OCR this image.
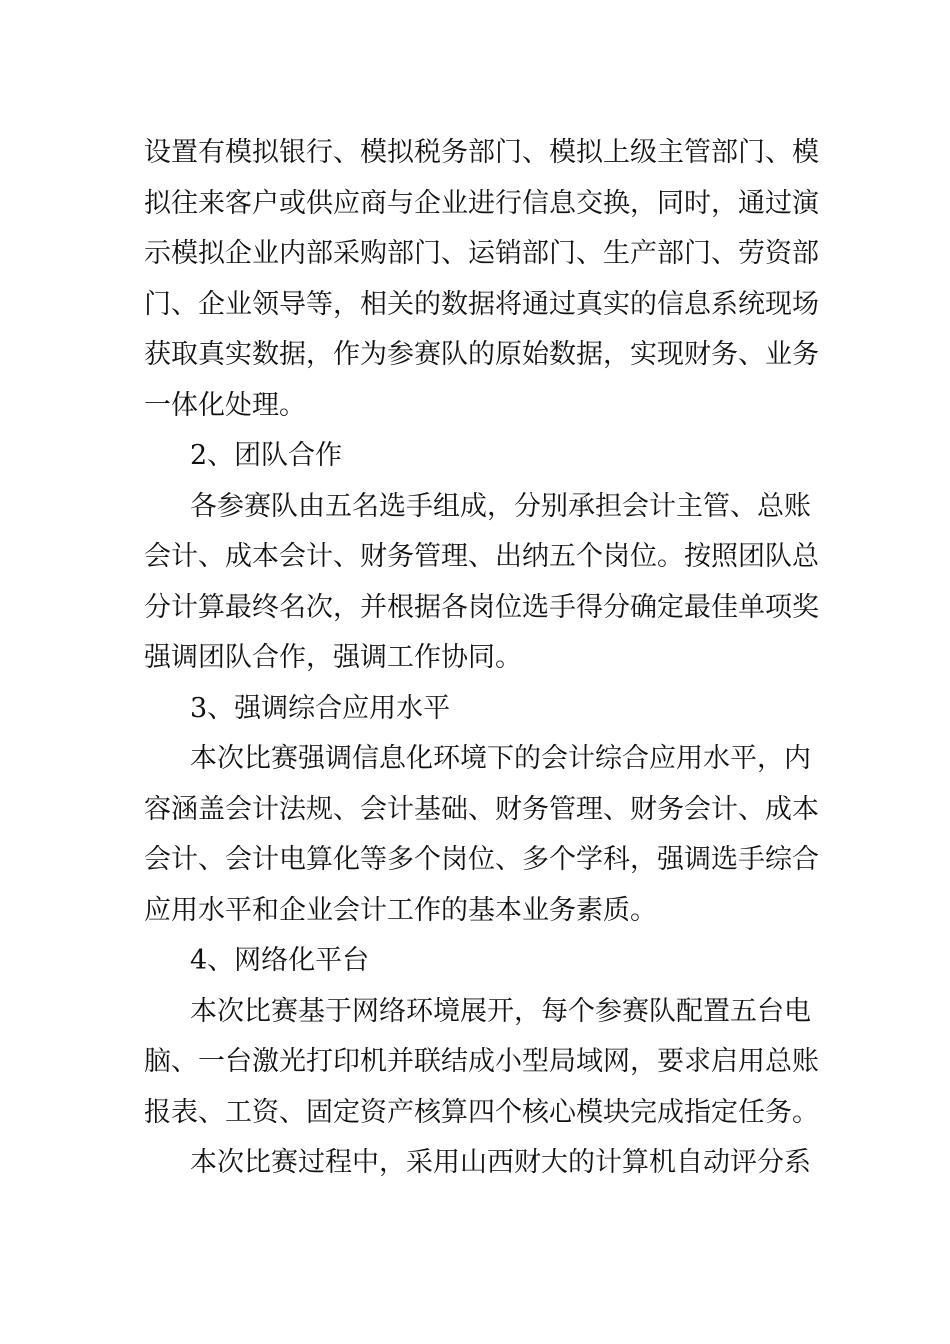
设置有模拟银行、模拟税务部门、模拟上级主管部门、模
拟往来客户或供应商与企业进行信息交换，同时，通过演
示模拟企业内部采购部门、运销部门、生产部门、劳资部
门、企业领导等，相关的数据将通过真实的信息系统现场
获取真实数据，作为参赛队的原始数据，实现财务、业务
一体化处理。
2、团队合作
各参赛队由五名选手组成，分别承担会计主管、总账
会计、成本会计、财务管理、出纳五个岗位。按照团队总
分计算最终名次，并根据各岗位选手得分确定最佳单项奖
强调团队合作，强调工作协同。
3、强调综合应用水平
本次比赛强调信息化环境下的会计综合应用水平，内
容涵盖会计法规、会计基础、财务管理、财务会计、成本
会计、会计电算化等多个岗位、多个学科，强调选手综合
应用水平和企业会计工作的基本业务素质。
4、网络化平台
本次比赛基于网络环境展开，每个参赛队配置五台电
脑、一台激光打印机并联结成小型局域网，要求启用总账
报表、工资、固定资产核算四个核心模块完成指定任务。
本次比赛过程中，采用山西财大的计算机自动评分系
